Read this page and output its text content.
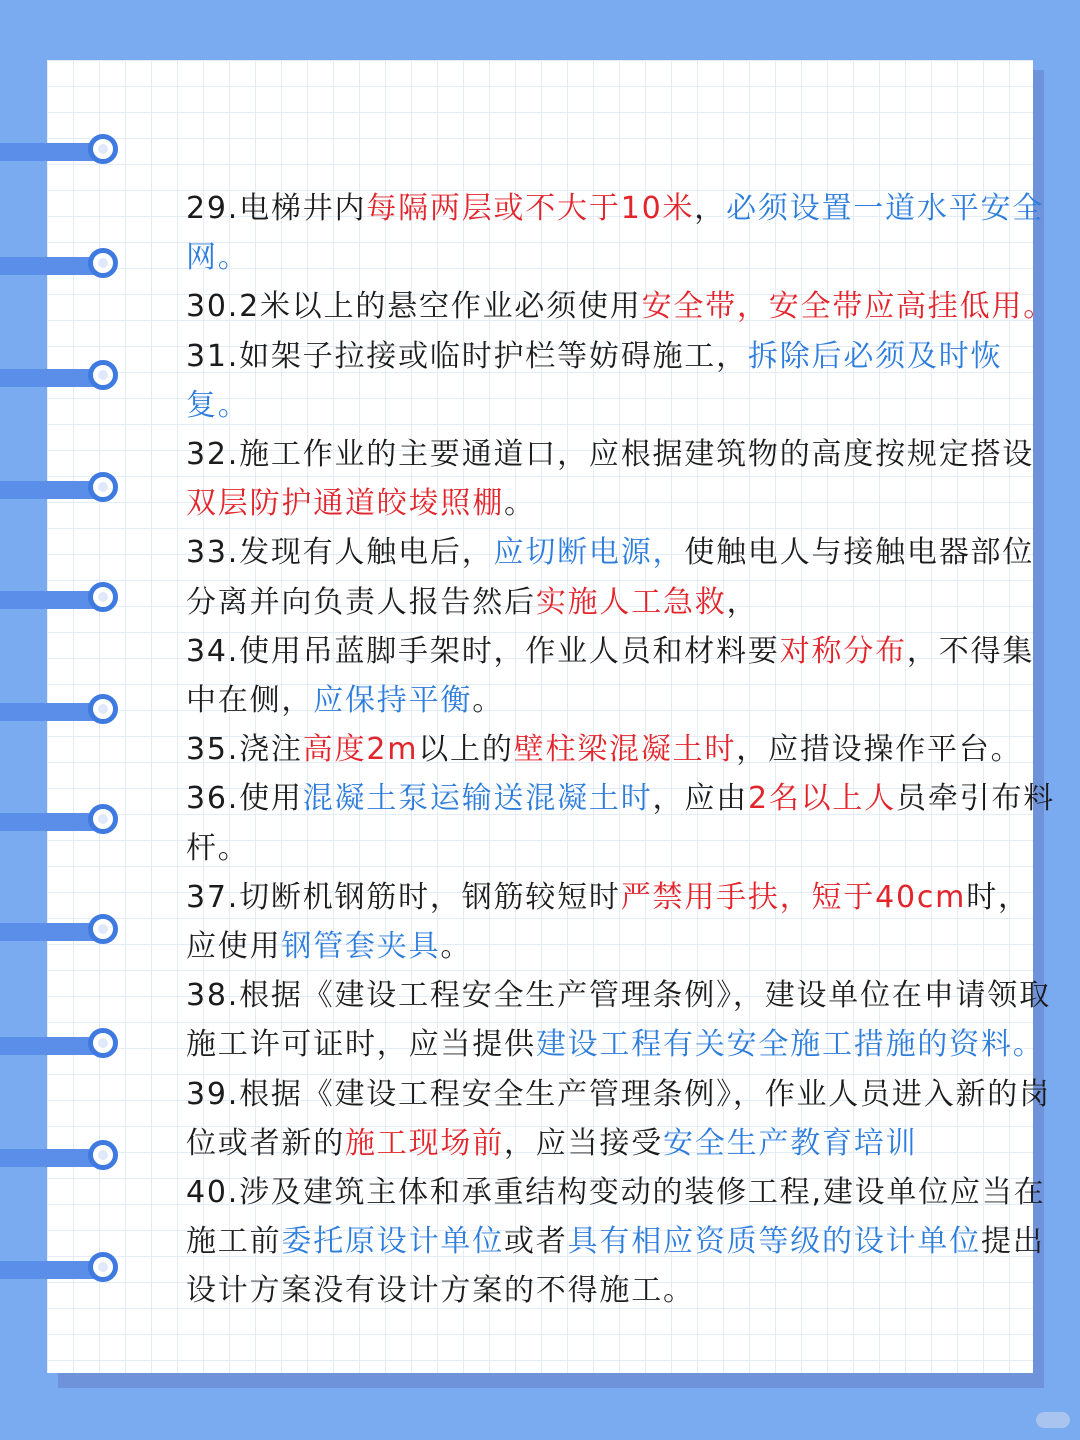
29.电梯井内每隔两层或不大于10米，必须设置一道水平安全网。

30.2米以上的悬空作业必须使用安全带，安全带应高挂低用。

31.如架子拉接或临时护栏等妨碍施工，拆除后必须及时恢复。

32.施工作业的主要通道口，应根据建筑物的高度按规定搭设双层防护通道皎堎照棚。

33.发现有人触电后，应切断电源，使触电人与接触电器部位分离并向负责人报告然后实施人工急救，

34.使用吊蓝脚手架时，作业人员和材料要对称分布，不得集中在侧，应保持平衡。

35.浇注高度2m以上的壁柱梁混凝土时，应措设操作平台。

36.使用混凝土泵运输送混凝土时，应由2名以上人员牵引布料杆。

37.切断机钢筋时，钢筋较短时严禁用手扶，短于40cm时，应使用钢管套夹具。

38.根据《建设工程安全生产管理条例》，建设单位在申请领取施工许可证时，应当提供建设工程有关安全施工措施的资料。

39.根据《建设工程安全生产管理条例》，作业人员进入新的岗位或者新的施工现场前，应当接受安全生产教育培训

40.涉及建筑主体和承重结构变动的装修工程,建设单位应当在施工前委托原设计单位或者具有相应资质等级的设计单位提出设计方案没有设计方案的不得施工。
